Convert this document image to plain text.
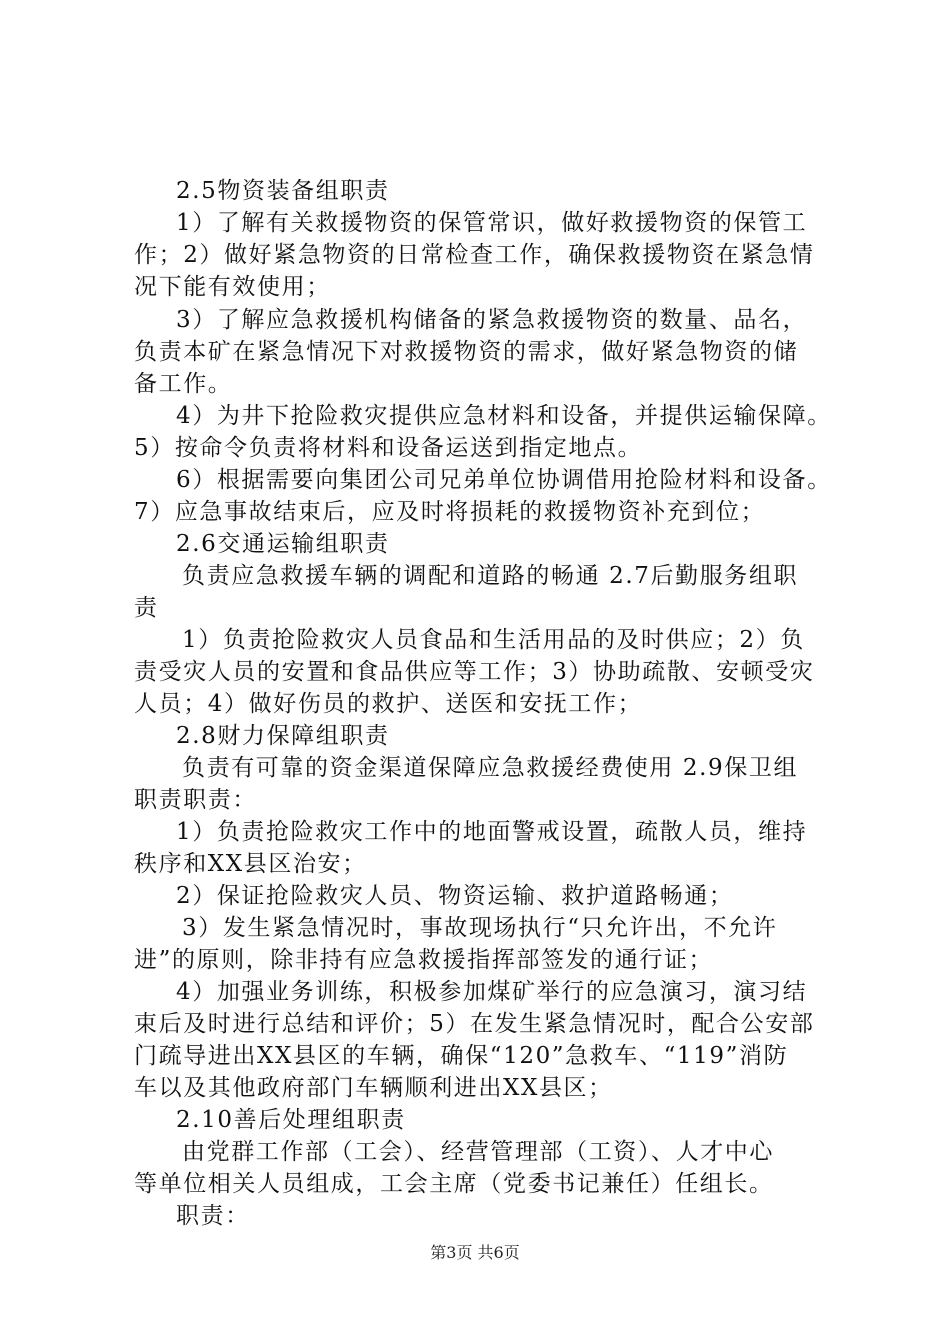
2.5物资装备组职责
1）了解有关救援物资的保管常识，做好救援物资的保管工
作；2）做好紧急物资的日常检查工作，确保救援物资在紧急情
况下能有效使用；
3）了解应急救援机构储备的紧急救援物资的数量、品名，
负责本矿在紧急情况下对救援物资的需求，做好紧急物资的储
备工作。
4）为井下抢险救灾提供应急材料和设备，并提供运输保障。
5）按命令负责将材料和设备运送到指定地点。
6）根据需要向集团公司兄弟单位协调借用抢险材料和设备。
7）应急事故结束后，应及时将损耗的救援物资补充到位；
2.6交通运输组职责
负责应急救援车辆的调配和道路的畅通 2.7后勤服务组职
责
1）负责抢险救灾人员食品和生活用品的及时供应；2）负
责受灾人员的安置和食品供应等工作；3）协助疏散、安顿受灾
人员；4）做好伤员的救护、送医和安抚工作；
2.8财力保障组职责
负责有可靠的资金渠道保障应急救援经费使用 2.9保卫组
职责职责：
1）负责抢险救灾工作中的地面警戒设置，疏散人员，维持
秩序和XX县区治安；
2）保证抢险救灾人员、物资运输、救护道路畅通；
3）发生紧急情况时，事故现场执行“只允许出，不允许
进”的原则，除非持有应急救援指挥部签发的通行证；
4）加强业务训练，积极参加煤矿举行的应急演习，演习结
束后及时进行总结和评价；5）在发生紧急情况时，配合公安部
门疏导进出XX县区的车辆，确保“120”急救车、“119”消防
车以及其他政府部门车辆顺利进出XX县区；
2.10善后处理组职责
由党群工作部（工会）、经营管理部（工资）、人才中心
等单位相关人员组成，工会主席（党委书记兼任）任组长。
职责：
第3页 共6页
